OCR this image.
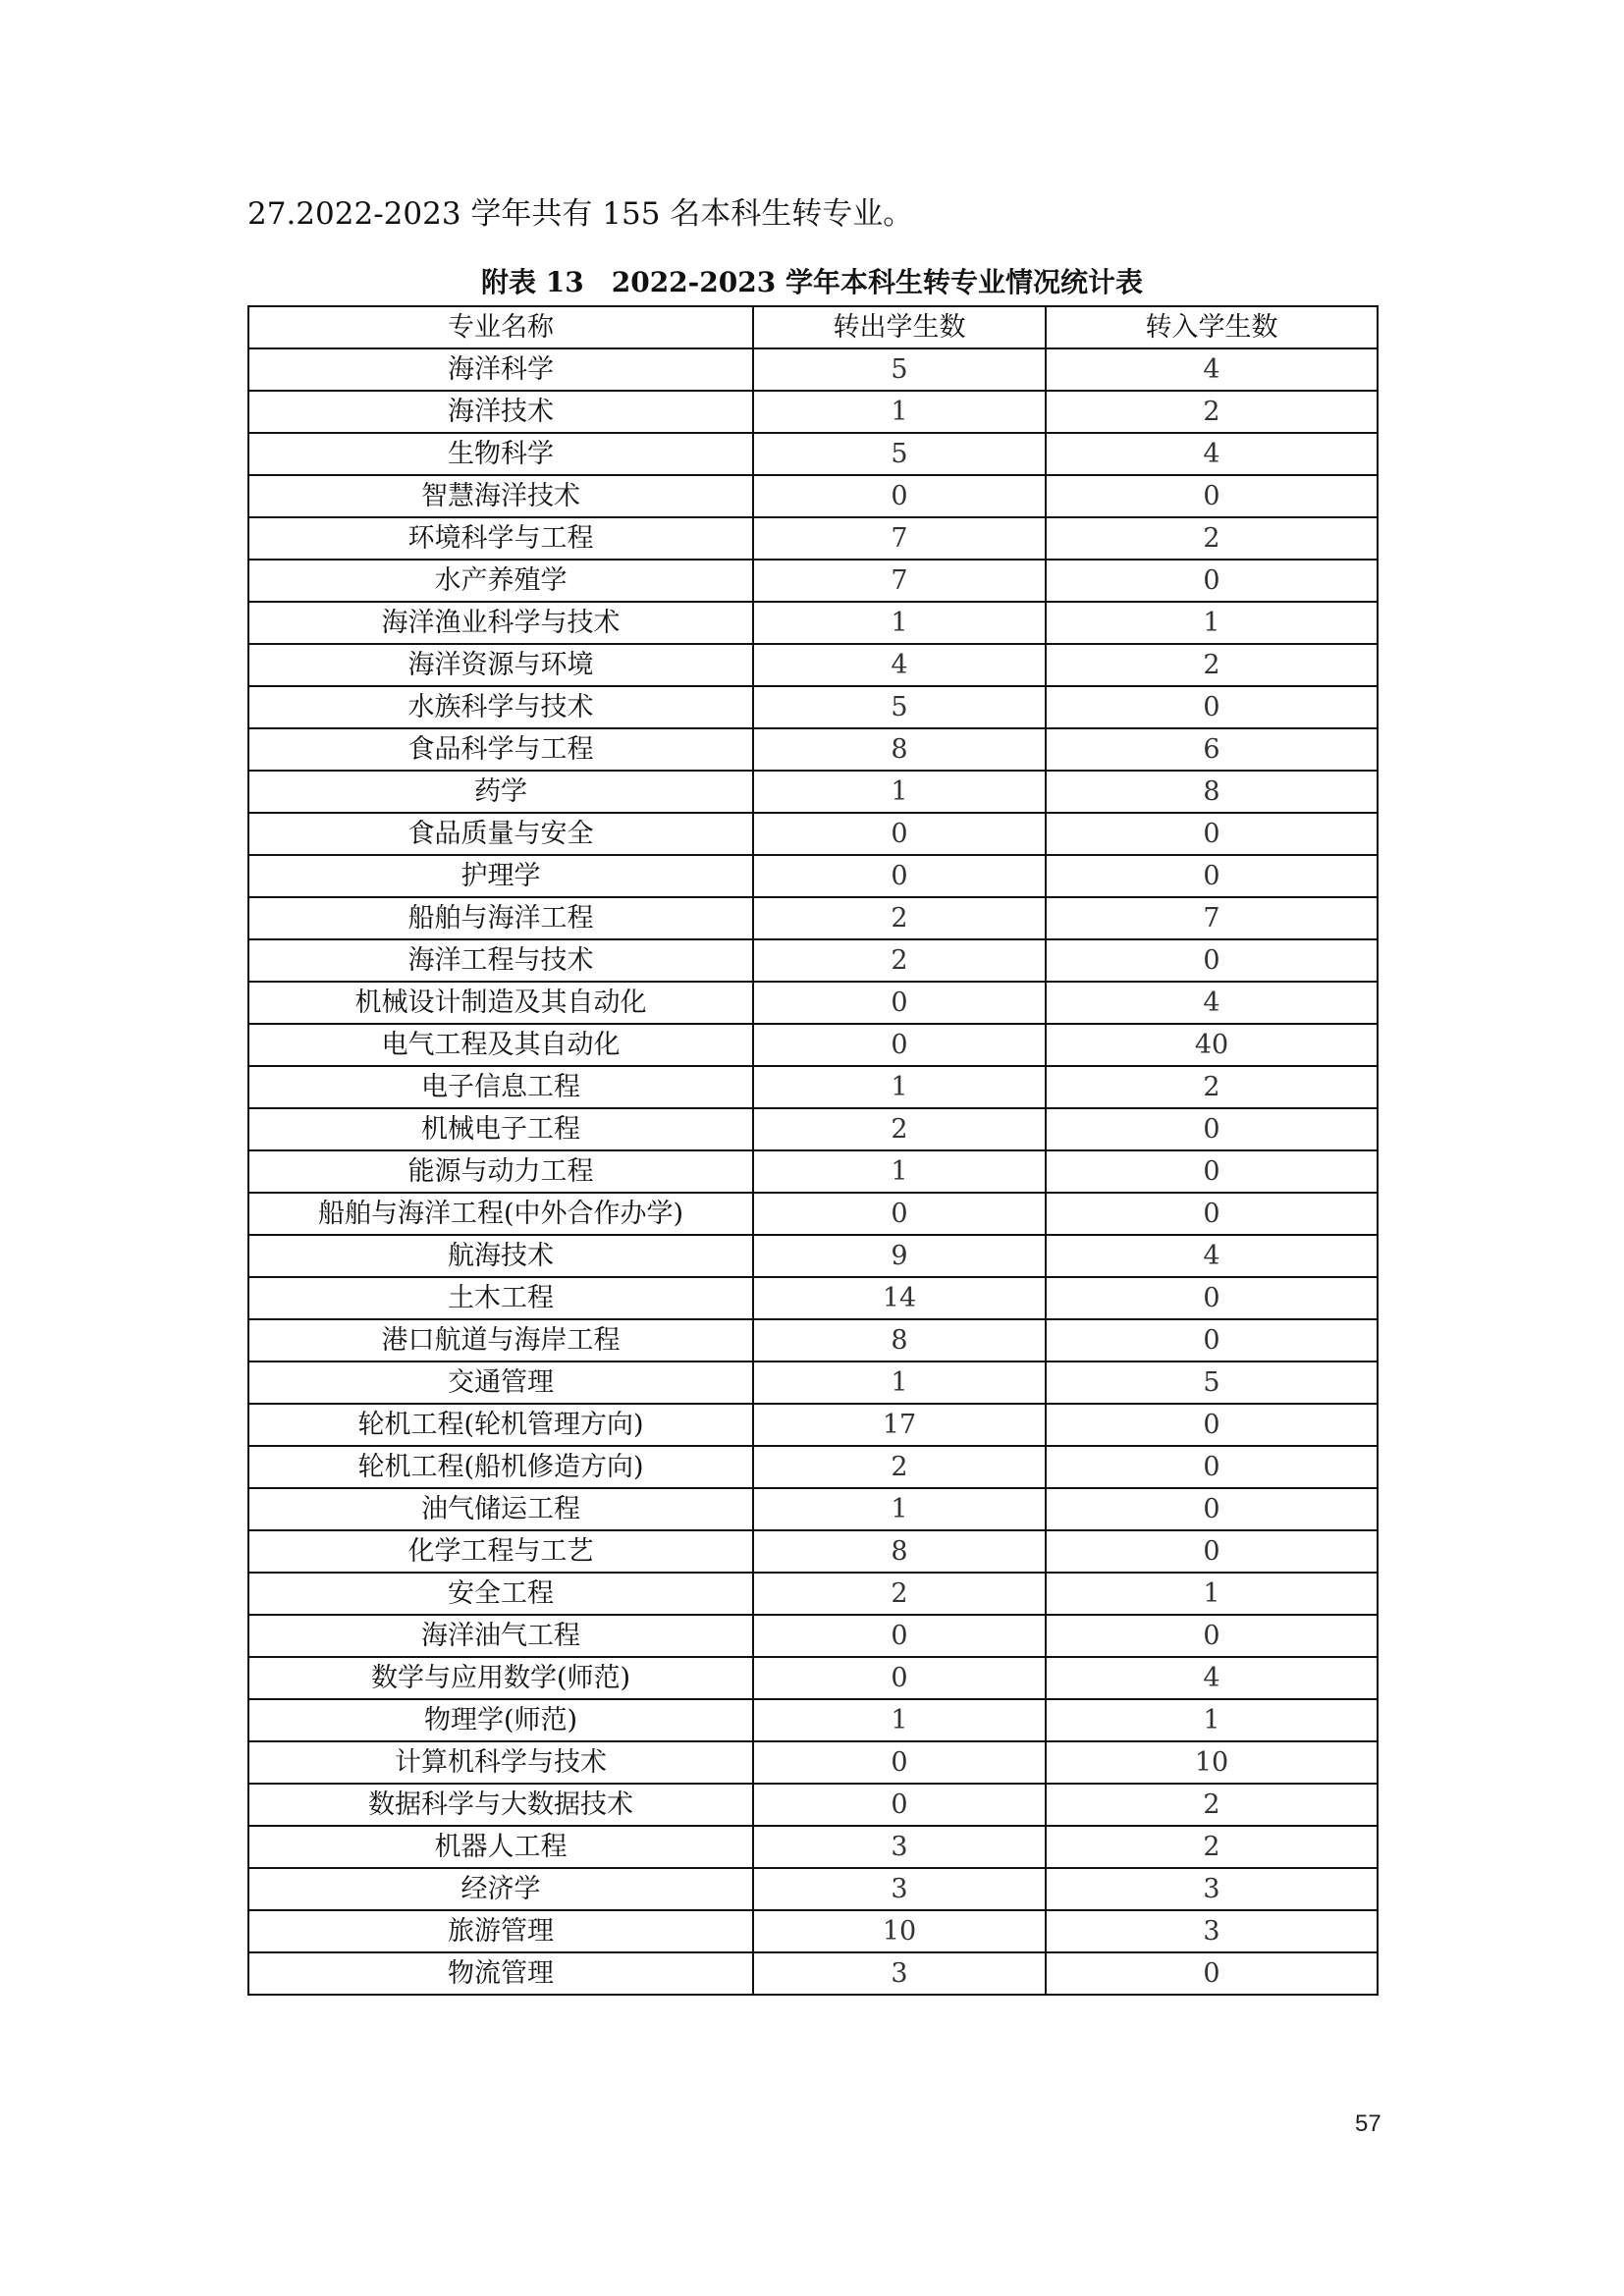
27.2022-2023 学年共有 155 名本科生转专业。
附表 13　2022-2023 学年本科生转专业情况统计表
专业名称	转出学生数	转入学生数
海洋科学	5	4
海洋技术	1	2
生物科学	5	4
智慧海洋技术	0	0
环境科学与工程	7	2
水产养殖学	7	0
海洋渔业科学与技术	1	1
海洋资源与环境	4	2
水族科学与技术	5	0
食品科学与工程	8	6
药学	1	8
食品质量与安全	0	0
护理学	0	0
船舶与海洋工程	2	7
海洋工程与技术	2	0
机械设计制造及其自动化	0	4
电气工程及其自动化	0	40
电子信息工程	1	2
机械电子工程	2	0
能源与动力工程	1	0
船舶与海洋工程(中外合作办学)	0	0
航海技术	9	4
土木工程	14	0
港口航道与海岸工程	8	0
交通管理	1	5
轮机工程(轮机管理方向)	17	0
轮机工程(船机修造方向)	2	0
油气储运工程	1	0
化学工程与工艺	8	0
安全工程	2	1
海洋油气工程	0	0
数学与应用数学(师范)	0	4
物理学(师范)	1	1
计算机科学与技术	0	10
数据科学与大数据技术	0	2
机器人工程	3	2
经济学	3	3
旅游管理	10	3
物流管理	3	0
57
